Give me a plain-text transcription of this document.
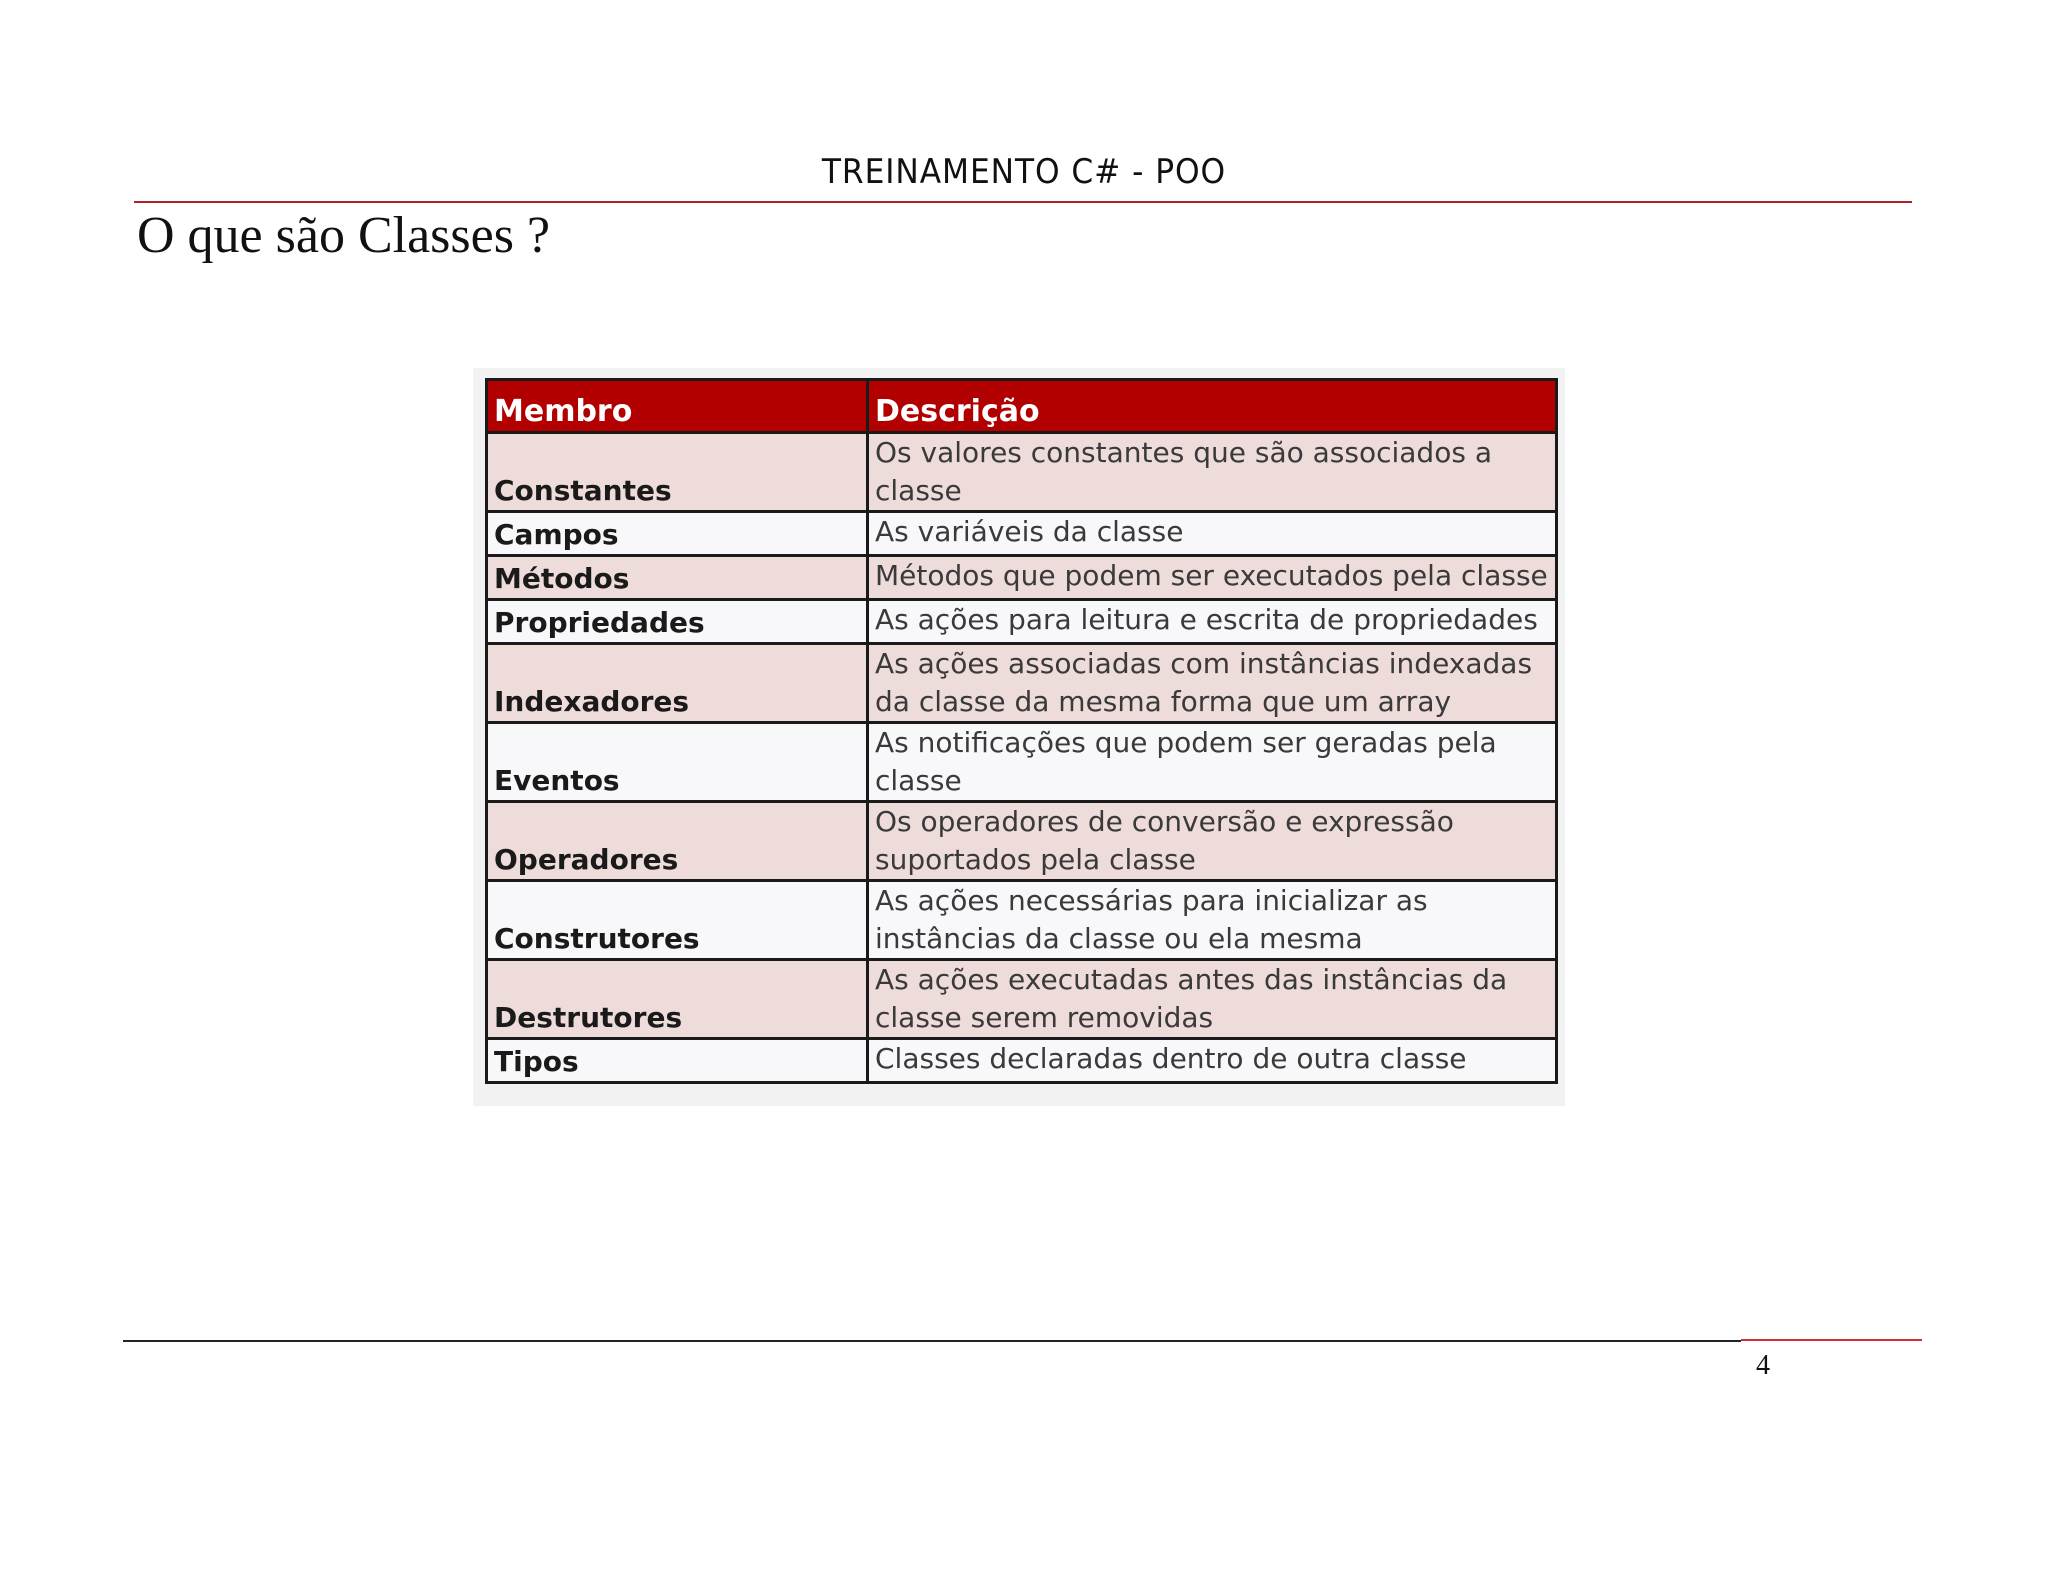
TREINAMENTO C# - POO
O que são Classes ?
Membro	Descrição
Constantes	Os valores constantes que são associados a classe
Campos	As variáveis da classe
Métodos	Métodos que podem ser executados pela classe
Propriedades	As ações para leitura e escrita de propriedades
Indexadores	As ações associadas com instâncias indexadas da classe da mesma forma que um array
Eventos	As notificações que podem ser geradas pela classe
Operadores	Os operadores de conversão e expressão suportados pela classe
Construtores	As ações necessárias para inicializar as instâncias da classe ou ela mesma
Destrutores	As ações executadas antes das instâncias da classe serem removidas
Tipos	Classes declaradas dentro de outra classe
4
